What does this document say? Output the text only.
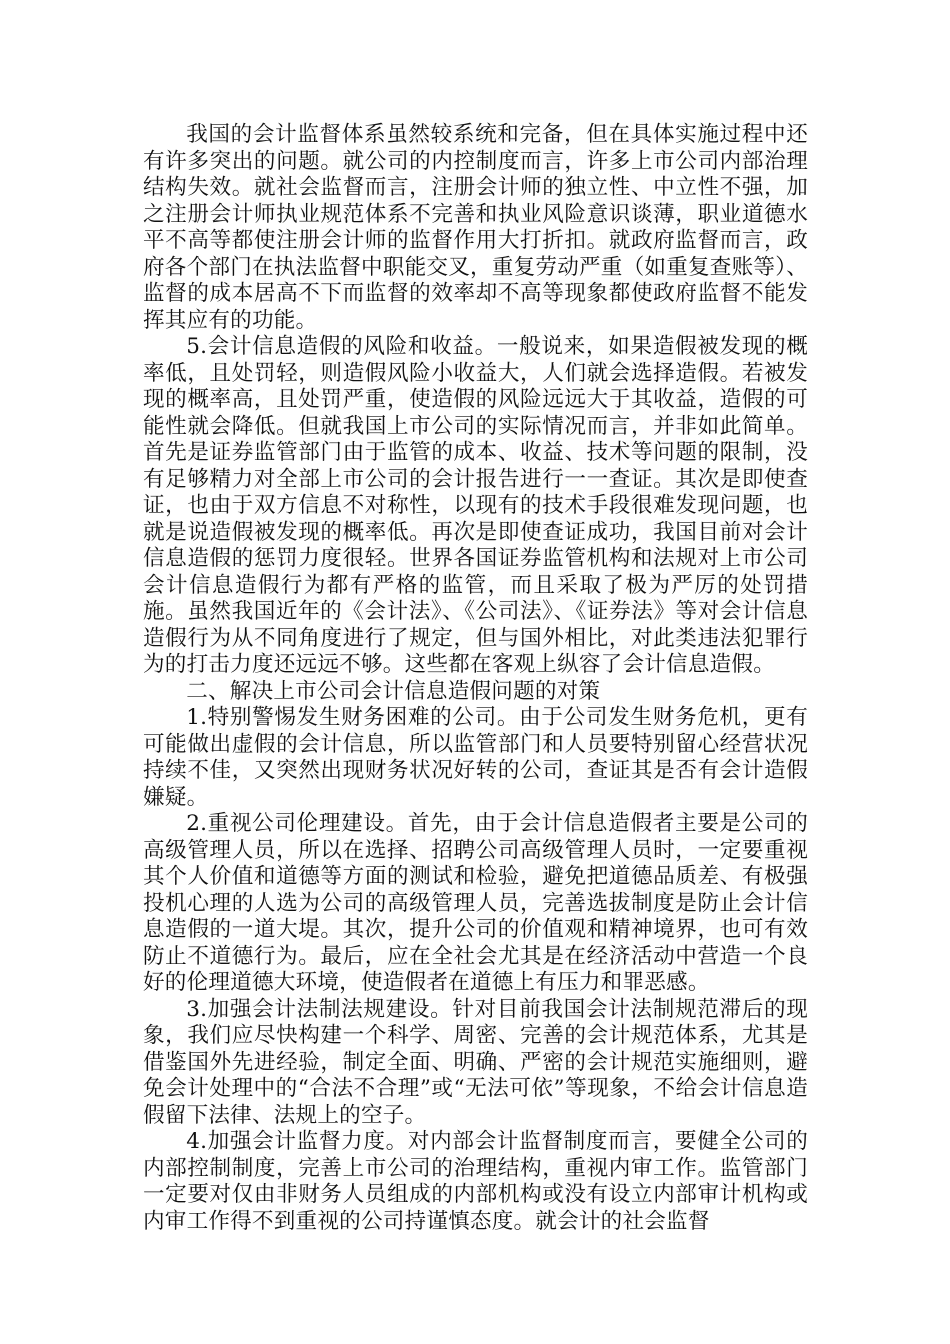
我国的会计监督体系虽然较系统和完备，但在具体实施过程中还有许多突出的问题。就公司的内控制度而言，许多上市公司内部治理结构失效。就社会监督而言，注册会计师的独立性、中立性不强，加之注册会计师执业规范体系不完善和执业风险意识谈薄，职业道德水平不高等都使注册会计师的监督作用大打折扣。就政府监督而言，政府各个部门在执法监督中职能交叉，重复劳动严重（如重复查账等）、监督的成本居高不下而监督的效率却不高等现象都使政府监督不能发挥其应有的功能。

5.会计信息造假的风险和收益。一般说来，如果造假被发现的概率低，且处罚轻，则造假风险小收益大，人们就会选择造假。若被发现的概率高，且处罚严重，使造假的风险远远大于其收益，造假的可能性就会降低。但就我国上市公司的实际情况而言，并非如此简单。首先是证券监管部门由于监管的成本、收益、技术等问题的限制，没有足够精力对全部上市公司的会计报告进行一一查证。其次是即使查证，也由于双方信息不对称性，以现有的技术手段很难发现问题，也就是说造假被发现的概率低。再次是即使查证成功，我国目前对会计信息造假的惩罚力度很轻。世界各国证券监管机构和法规对上市公司会计信息造假行为都有严格的监管，而且采取了极为严厉的处罚措施。虽然我国近年的《会计法》、《公司法》、《证券法》等对会计信息造假行为从不同角度进行了规定，但与国外相比，对此类违法犯罪行为的打击力度还远远不够。这些都在客观上纵容了会计信息造假。

二、解决上市公司会计信息造假问题的对策

1.特别警惕发生财务困难的公司。由于公司发生财务危机，更有可能做出虚假的会计信息，所以监管部门和人员要特别留心经营状况持续不佳，又突然出现财务状况好转的公司，查证其是否有会计造假嫌疑。

2.重视公司伦理建设。首先，由于会计信息造假者主要是公司的高级管理人员，所以在选择、招聘公司高级管理人员时，一定要重视其个人价值和道德等方面的测试和检验，避免把道德品质差、有极强投机心理的人选为公司的高级管理人员，完善选拔制度是防止会计信息造假的一道大堤。其次，提升公司的价值观和精神境界，也可有效防止不道德行为。最后，应在全社会尤其是在经济活动中营造一个良好的伦理道德大环境，使造假者在道德上有压力和罪恶感。

3.加强会计法制法规建设。针对目前我国会计法制规范滞后的现象，我们应尽快构建一个科学、周密、完善的会计规范体系，尤其是借鉴国外先进经验，制定全面、明确、严密的会计规范实施细则，避免会计处理中的“合法不合理”或“无法可依”等现象，不给会计信息造假留下法律、法规上的空子。

4.加强会计监督力度。对内部会计监督制度而言，要健全公司的内部控制制度，完善上市公司的治理结构，重视内审工作。监管部门一定要对仅由非财务人员组成的内部机构或没有设立内部审计机构或内审工作得不到重视的公司持谨慎态度。就会计的社会监督
